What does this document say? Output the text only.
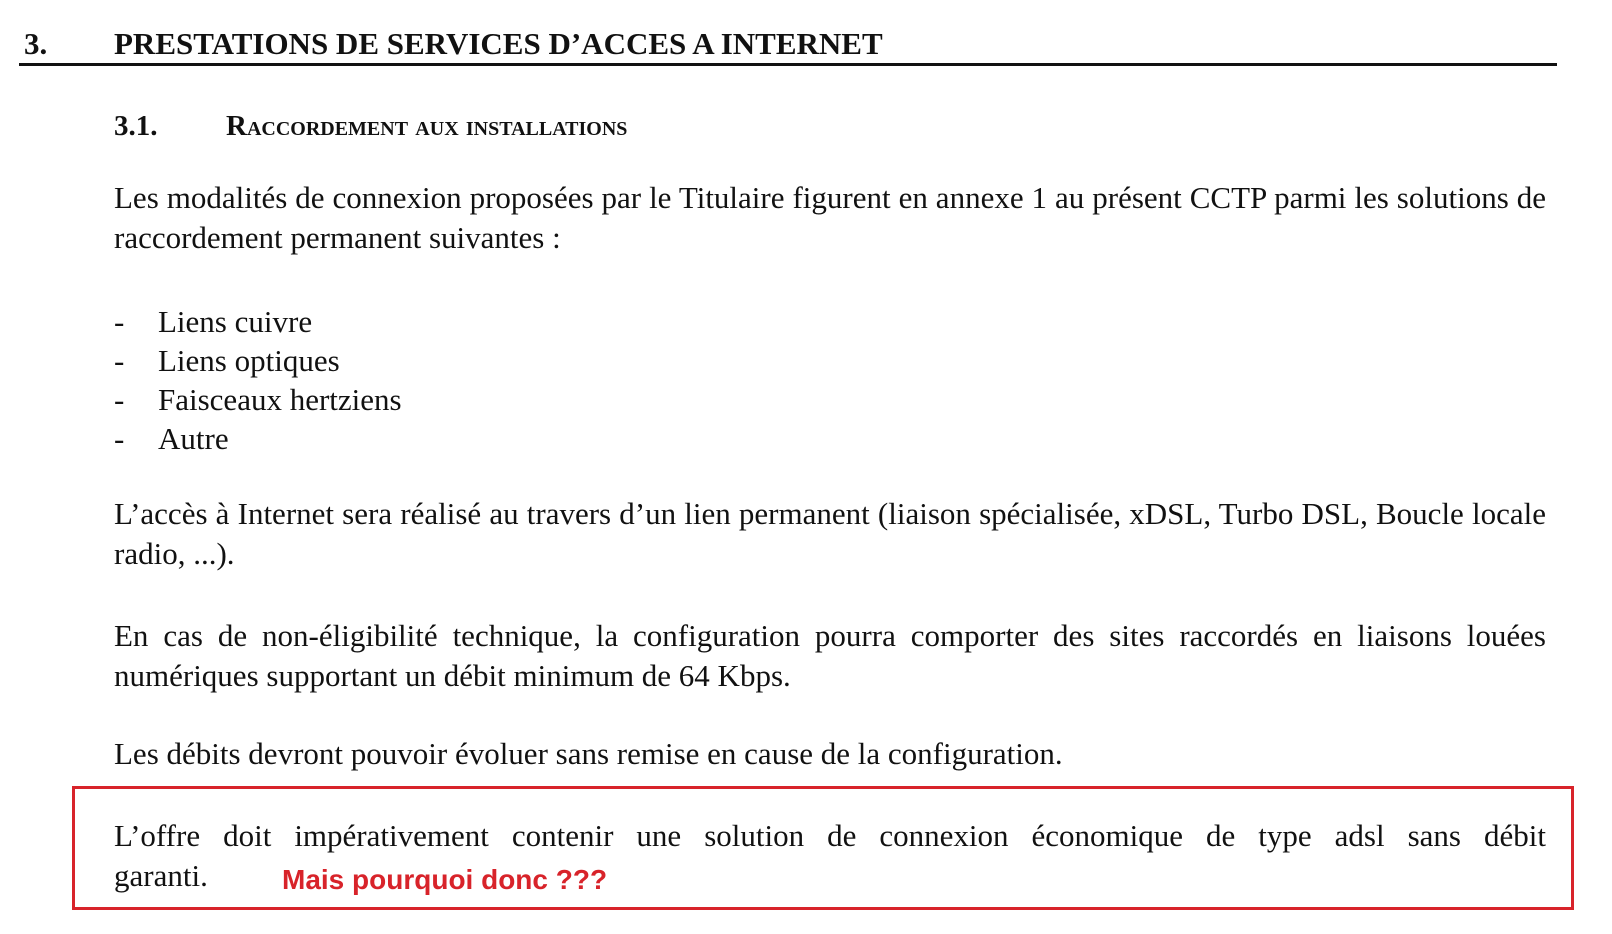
3. PRESTATIONS DE SERVICES D’ACCES A INTERNET
3.1. Raccordement aux installations

Les modalités de connexion proposées par le Titulaire figurent en annexe 1 au présent CCTP parmi les solutions de raccordement permanent suivantes :

- Liens cuivre
- Liens optiques
- Faisceaux hertziens
- Autre

L’accès à Internet sera réalisé au travers d’un lien permanent (liaison spécialisée, xDSL, Turbo DSL, Boucle locale radio, ...).

En cas de non-éligibilité technique, la configuration pourra comporter des sites raccordés en liaisons louées numériques supportant un débit minimum de 64 Kbps.

Les débits devront pouvoir évoluer sans remise en cause de la configuration.

L’offre doit impérativement contenir une solution de connexion économique de type adsl sans débit
garanti.	Mais pourquoi donc ???
